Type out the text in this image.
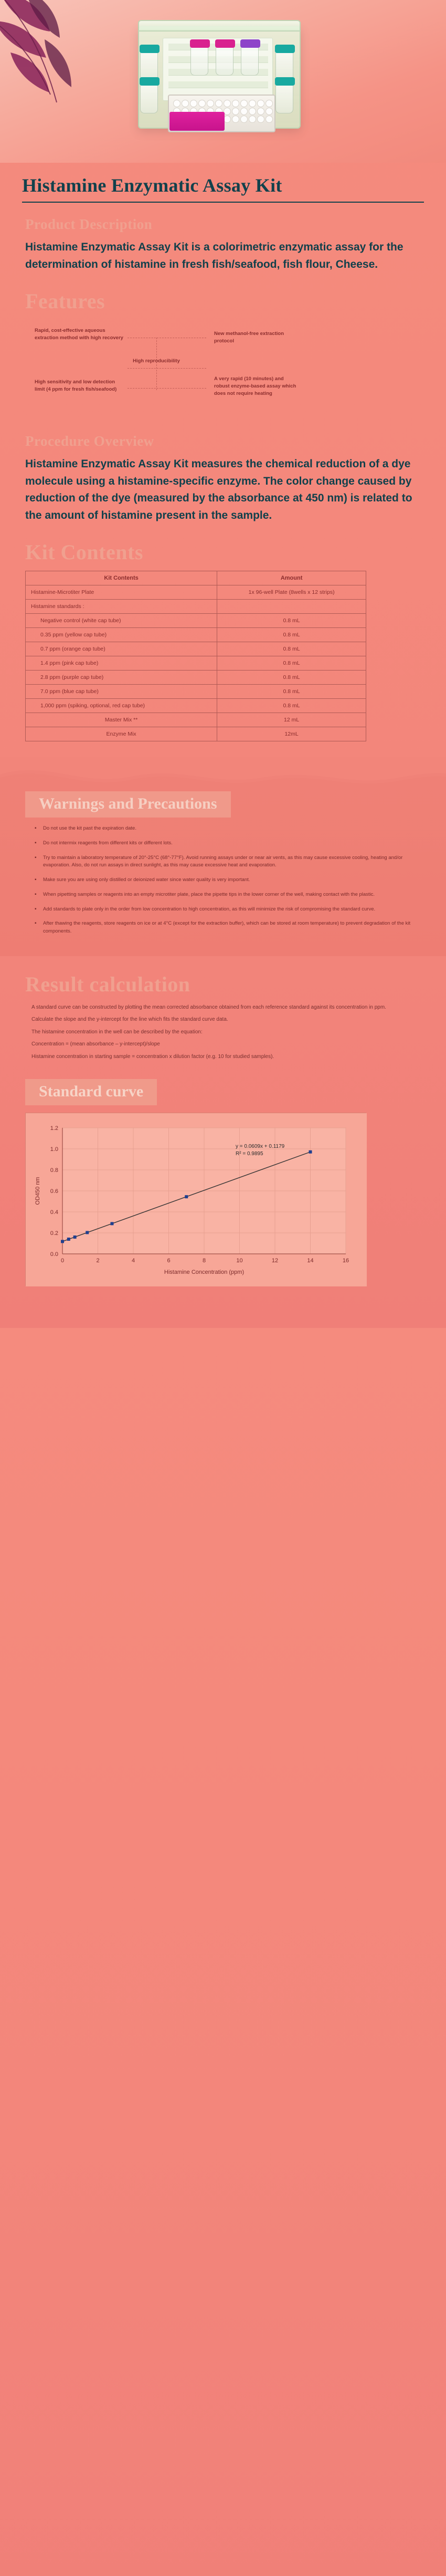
Histamine Enzymatic Assay Kit
Product Description
Histamine Enzymatic Assay Kit is a colorimetric enzymatic assay for the determination of histamine in fresh fish/seafood, fish flour, Cheese.
Features
Rapid, cost-effective aqueous extraction method with high recovery
New methanol-free extraction protocol
High reproducibility
High sensitivity and low detection limit (4 ppm for fresh fish/seafood)
A very rapid (10 minutes) and robust enzyme-based assay which does not require heating
Procedure Overview
Histamine Enzymatic Assay Kit measures the chemical reduction of a dye molecule using a histamine-specific enzyme. The color change caused by reduction of the dye (measured by the absorbance at 450 nm) is related to the amount of histamine present in the sample.
Kit Contents
Kit Contents	Amount
Histamine-Microtiter Plate	1x 96-well Plate (8wells x 12 strips)
Histamine standards :	
Negative control (white cap tube)	0.8 mL
0.35 ppm (yellow cap tube)	0.8 mL
0.7 ppm (orange cap tube)	0.8 mL
1.4 ppm (pink cap tube)	0.8 mL
2.8 ppm (purple cap tube)	0.8 mL
7.0 ppm (blue cap tube)	0.8 mL
1,000 ppm (spiking, optional, red cap tube)	0.8 mL
Master Mix **	12 mL
Enzyme Mix	12mL
Warnings and Precautions
▪ Do not use the kit past the expiration date.
▪ Do not intermix reagents from different kits or different lots.
▪ Try to maintain a laboratory temperature of 20°-25°C (68°-77°F). Avoid running assays under or near air vents, as this may cause excessive cooling, heating and/or evaporation. Also, do not run assays in direct sunlight, as this may cause excessive heat and evaporation.
▪ Make sure you are using only distilled or deionized water since water quality is very important.
▪ When pipetting samples or reagents into an empty microtiter plate, place the pipette tips in the lower corner of the well, making contact with the plastic.
▪ Add standards to plate only in the order from low concentration to high concentration, as this will minimize the risk of compromising the standard curve.
▪ After thawing the reagents, store reagents on ice or at 4°C (except for the extraction buffer), which can be stored at room temperature) to prevent degradation of the kit components.
Result calculation
A standard curve can be constructed by plotting the mean corrected absorbance obtained from each reference standard against its concentration in ppm.
Calculate the slope and the y-intercept for the line which fits the standard curve data.
The histamine concentration in the well can be described by the equation:
Concentration = (mean absorbance – y-intercept)/slope
Histamine concentration in starting sample = concentration x dilution factor (e.g. 10 for studied samples).
Standard curve
0.0
0.2
0.4
0.6
0.8
1.0
1.2
0	2	4	6	8	10	12	14	16
Histamine Concentration (ppm)
OD450 nm
y = 0.0609x + 0.1179
R² = 0.9895
